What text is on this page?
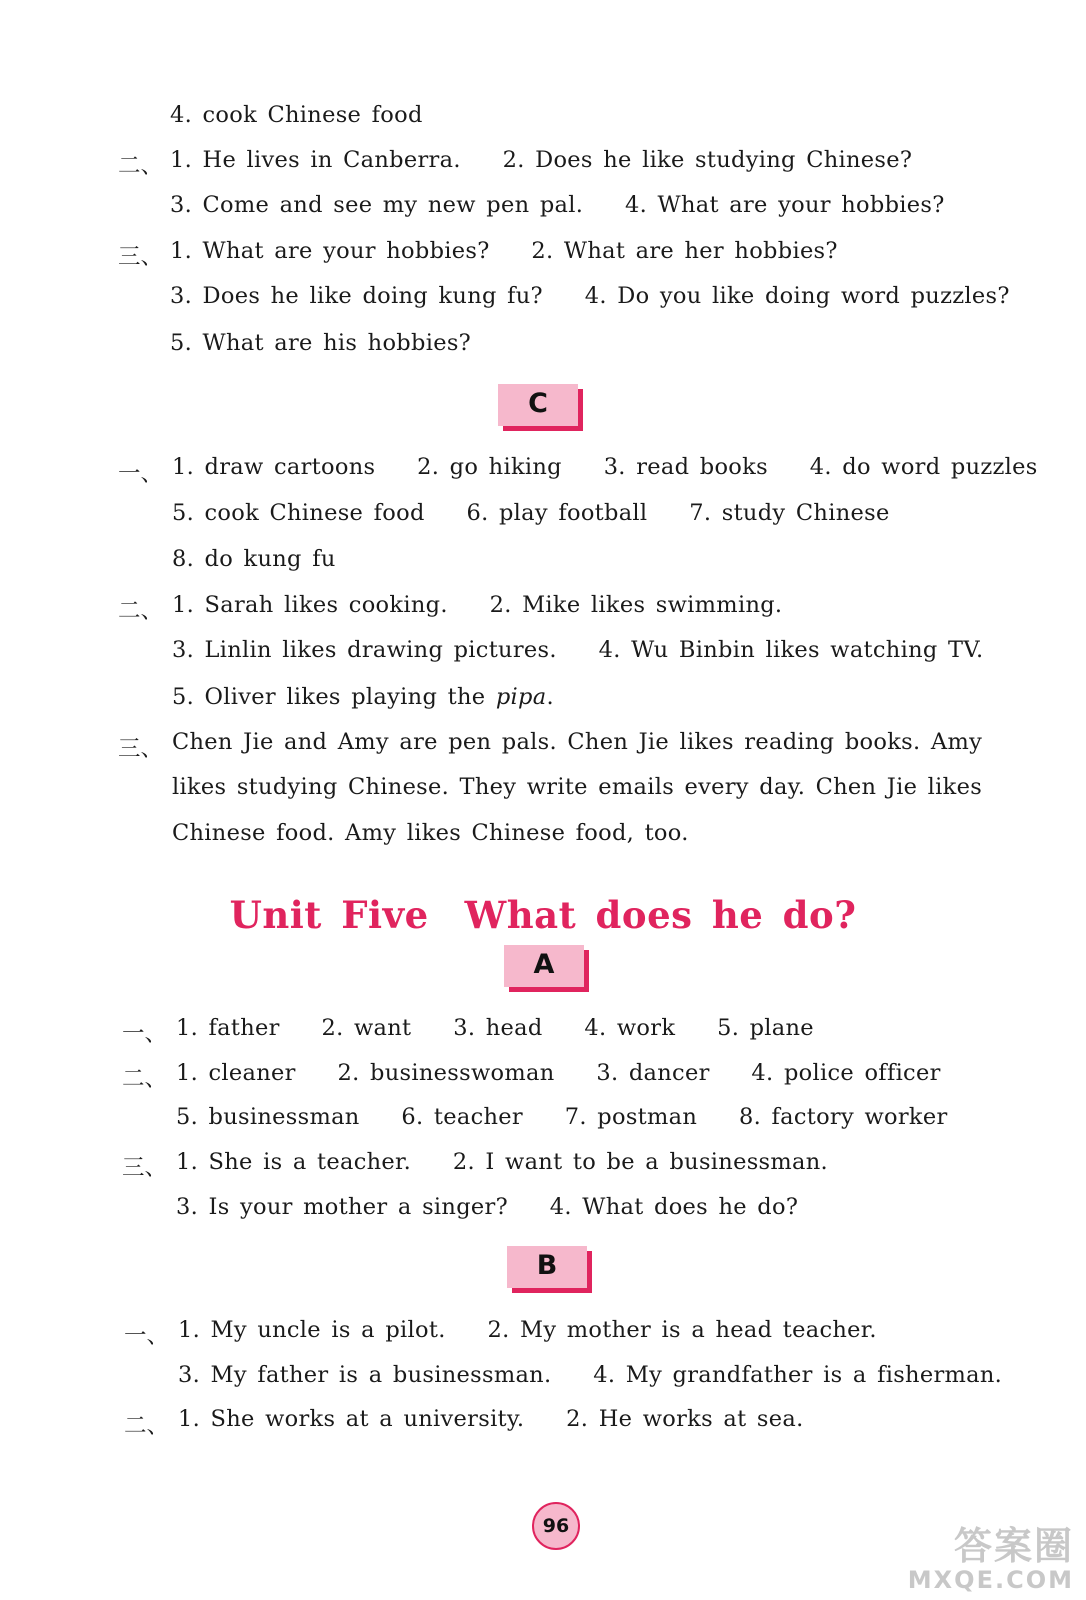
4. cook Chinese food
二、 1. He lives in Canberra.    2. Does he like studying Chinese?
3. Come and see my new pen pal.    4. What are your hobbies?
三、 1. What are your hobbies?    2. What are her hobbies?
3. Does he like doing kung fu?    4. Do you like doing word puzzles?
5. What are his hobbies?
C
一、 1. draw cartoons    2. go hiking    3. read books    4. do word puzzles
5. cook Chinese food    6. play football    7. study Chinese
8. do kung fu
二、 1. Sarah likes cooking.    2. Mike likes swimming.
3. Linlin likes drawing pictures.    4. Wu Binbin likes watching TV.
5. Oliver likes playing the pipa.
三、 Chen Jie and Amy are pen pals. Chen Jie likes reading books. Amy
likes studying Chinese. They write emails every day. Chen Jie likes
Chinese food. Amy likes Chinese food, too.
Unit Five What does he do?
A
一、 1. father    2. want    3. head    4. work    5. plane
二、 1. cleaner    2. businesswoman    3. dancer    4. police officer
5. businessman    6. teacher    7. postman    8. factory worker
三、 1. She is a teacher.    2. I want to be a businessman.
3. Is your mother a singer?    4. What does he do?
B
一、 1. My uncle is a pilot.    2. My mother is a head teacher.
3. My father is a businessman.    4. My grandfather is a fisherman.
二、 1. She works at a university.    2. He works at sea.
96	答案圈
MXQE.COM
